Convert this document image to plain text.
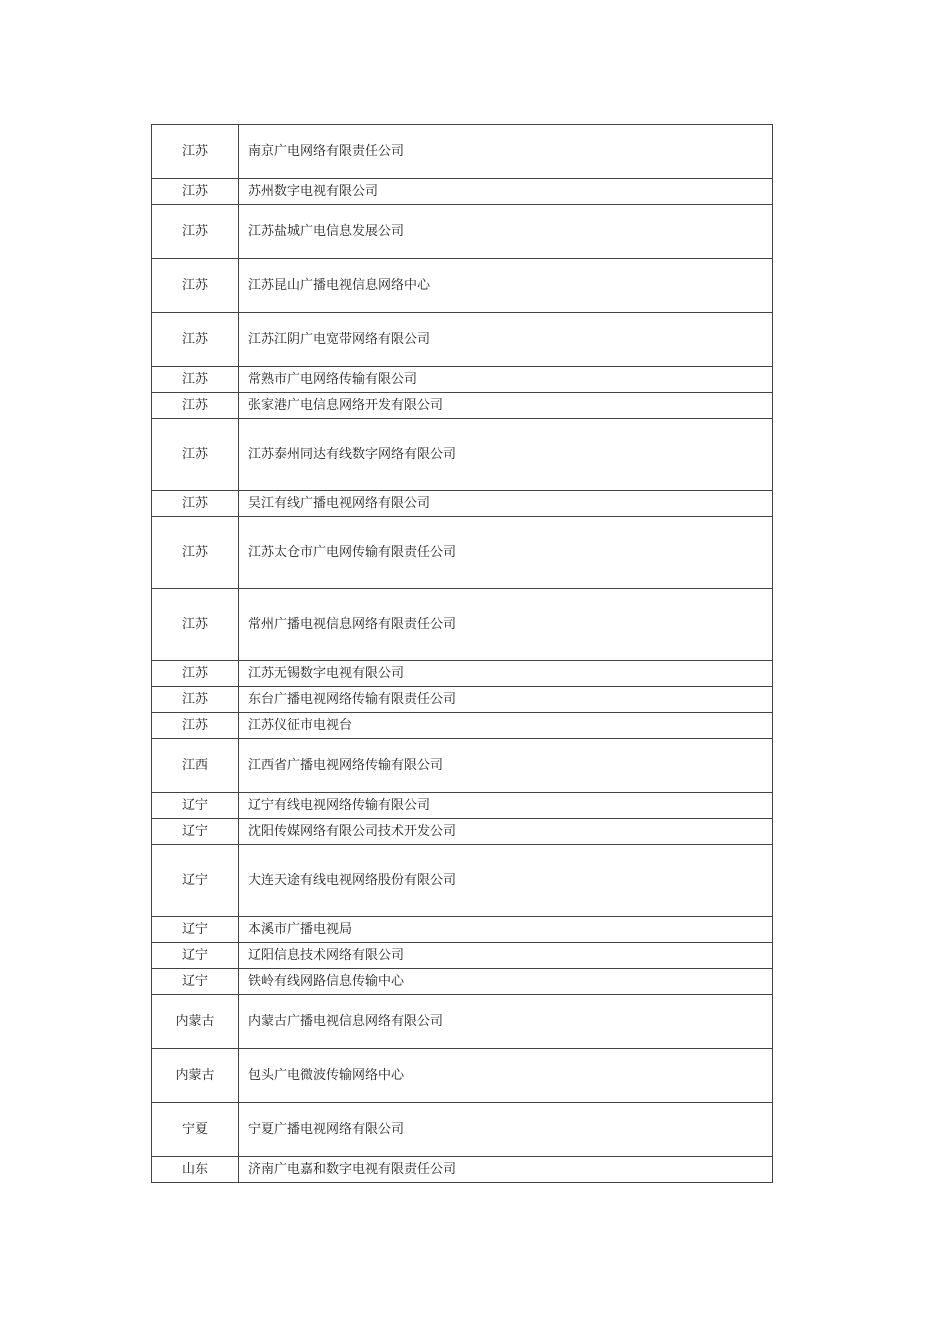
江苏	南京广电网络有限责任公司
江苏	苏州数字电视有限公司
江苏	江苏盐城广电信息发展公司
江苏	江苏昆山广播电视信息网络中心
江苏	江苏江阴广电宽带网络有限公司
江苏	常熟市广电网络传输有限公司
江苏	张家港广电信息网络开发有限公司
江苏	江苏泰州同达有线数字网络有限公司
江苏	吴江有线广播电视网络有限公司
江苏	江苏太仓市广电网传输有限责任公司
江苏	常州广播电视信息网络有限责任公司
江苏	江苏无锡数字电视有限公司
江苏	东台广播电视网络传输有限责任公司
江苏	江苏仪征市电视台
江西	江西省广播电视网络传输有限公司
辽宁	辽宁有线电视网络传输有限公司
辽宁	沈阳传媒网络有限公司技术开发公司
辽宁	大连天途有线电视网络股份有限公司
辽宁	本溪市广播电视局
辽宁	辽阳信息技术网络有限公司
辽宁	铁岭有线网路信息传输中心
内蒙古	内蒙古广播电视信息网络有限公司
内蒙古	包头广电微波传输网络中心
宁夏	宁夏广播电视网络有限公司
山东	济南广电嘉和数字电视有限责任公司
